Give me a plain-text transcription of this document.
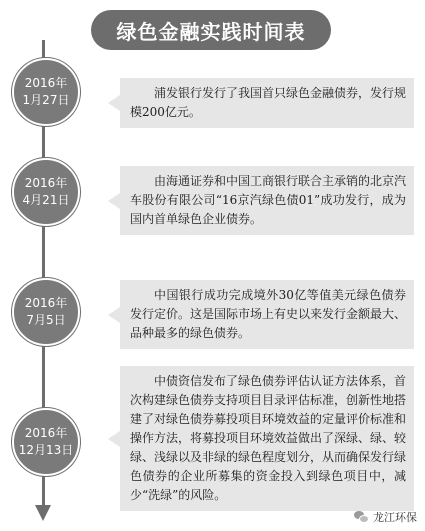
绿色金融实践时间表
2016年
1月27日	浦发银行发行了我国首只绿色金融债券，发行规模200亿元。

2016年
4月21日

由海通证券和中国工商银行联合主承销的北京汽车股份有限公司“16京汽绿色债01”成功发行，成为国内首单绿色企业债券。

2016年
7月5日

中国银行成功完成境外30亿等值美元绿色债券发行定价。这是国际市场上有史以来发行金额最大、品种最多的绿色债券。

2016年
12月13日

中债资信发布了绿色债券评估认证方法体系，首次构建绿色债券支持项目目录评估标准，创新性地搭建了对绿色债券募投项目环境效益的定量评价标准和操作方法，将募投项目环境效益做出了深绿、绿、较绿、浅绿以及非绿的绿色程度划分，从而确保发行绿色债券的企业所募集的资金投入到绿色项目中，减少“洗绿”的风险。

龙江环保
